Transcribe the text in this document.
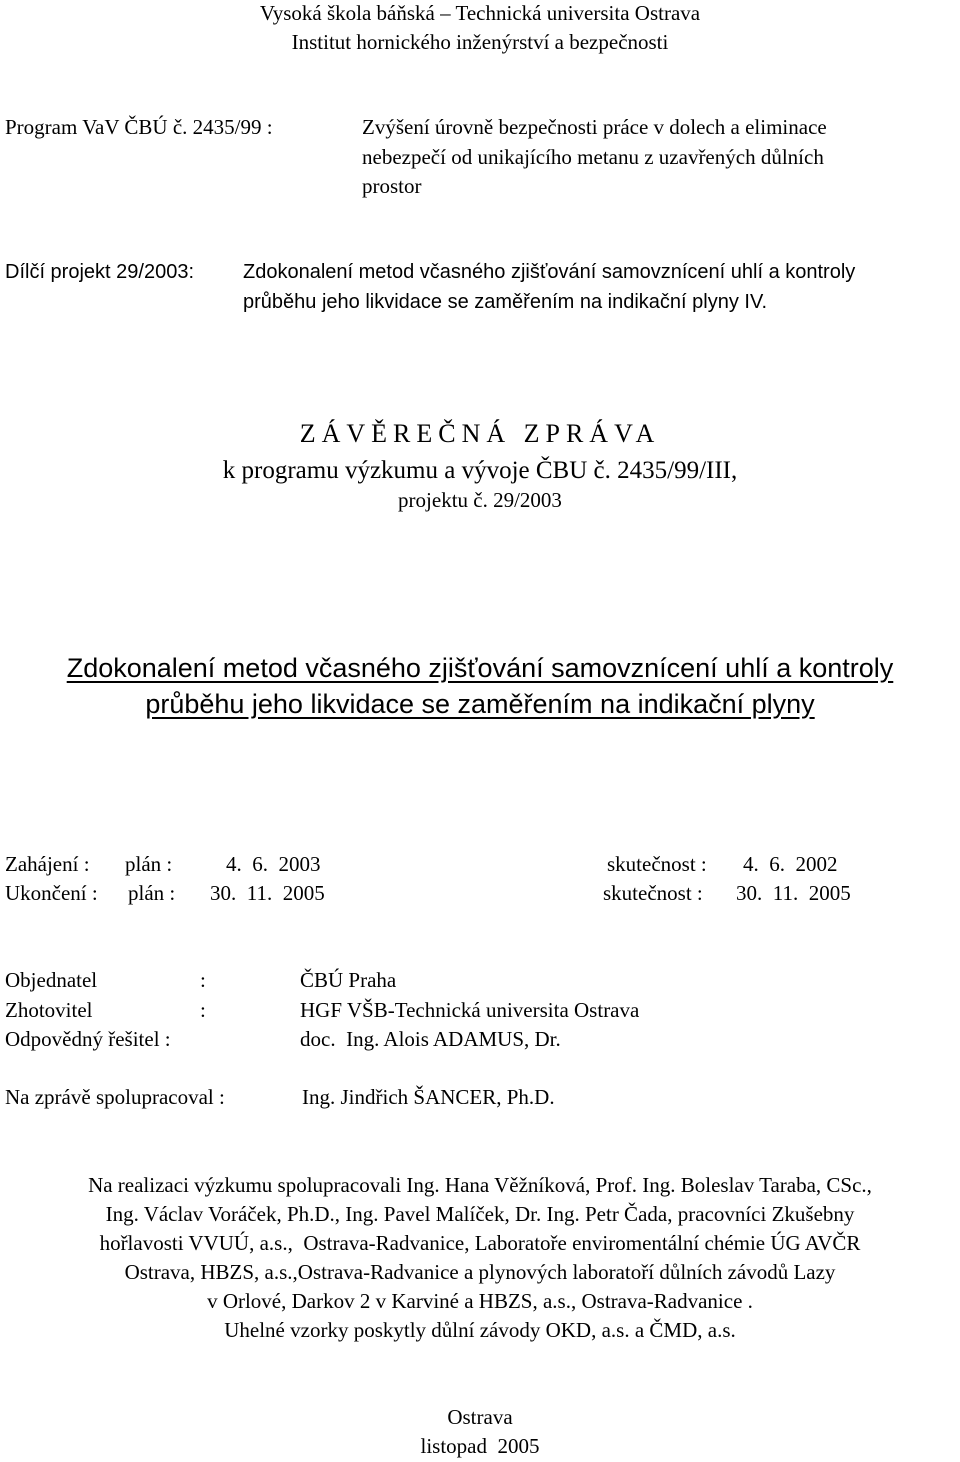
Vysoká škola báňská – Technická universita Ostrava
Institut hornického inženýrství a bezpečnosti
Program VaV ČBÚ č. 2435/99 :	Zvýšení úrovně bezpečnosti práce v dolech a eliminace
nebezpečí od unikajícího metanu z uzavřených důlních
prostor
Dílčí projekt 29/2003: Zdokonalení metod včasného zjišťování samovznícení uhlí a kontroly
průběhu jeho likvidace se zaměřením na indikační plyny IV.
ZÁVĚREČNÁ ZPRÁVA
k programu výzkumu a vývoje ČBU č. 2435/99/III,
projektu č. 29/2003
Zdokonalení metod včasného zjišťování samovznícení uhlí a kontroly
průběhu jeho likvidace se zaměřením na indikační plyny
Zahájení : plán :	4.  6.  2003	skutečnost : 4.  6.  2002
Ukončení : plán : 30.  11.  2005	skutečnost : 30.  11.  2005
Objednatel	:	ČBÚ Praha
Zhotovitel	:	HGF VŠB-Technická universita Ostrava
Odpovědný řešitel :	doc.  Ing. Alois ADAMUS, Dr.
Na zprávě spolupracoval :	Ing. Jindřich ŠANCER, Ph.D.
Na realizaci výzkumu spolupracovali Ing. Hana Věžníková, Prof. Ing. Boleslav Taraba, CSc.,
Ing. Václav Voráček, Ph.D., Ing. Pavel Malíček, Dr. Ing. Petr Čada, pracovníci Zkušebny
hořlavosti VVUÚ, a.s.,  Ostrava-Radvanice, Laboratoře enviromentální chémie ÚG AVČR
Ostrava, HBZS, a.s.,Ostrava-Radvanice a plynových laboratoří důlních závodů Lazy
v Orlové, Darkov 2 v Karviné a HBZS, a.s., Ostrava-Radvanice .
Uhelné vzorky poskytly důlní závody OKD, a.s. a ČMD, a.s.
Ostrava
listopad  2005
